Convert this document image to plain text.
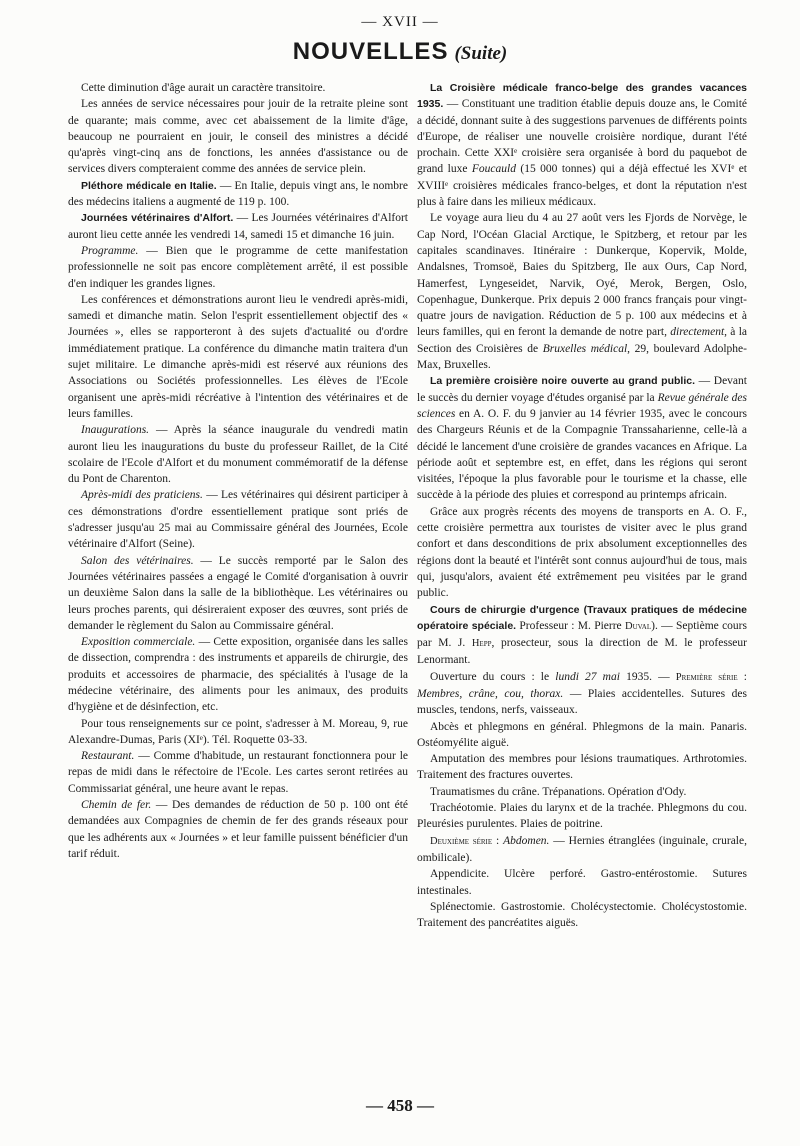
— XVII —
NOUVELLES (Suite)

Cette diminution d'âge aurait un caractère transitoire.

Les années de service nécessaires pour jouir de la retraite pleine sont de quarante; mais comme, avec cet abaissement de la limite d'âge, beaucoup ne pourraient en jouir, le conseil des ministres a décidé qu'après vingt-cinq ans de fonctions, les années d'assistance ou de services divers compteraient comme des années de service plein.

Pléthore médicale en Italie. — En Italie, depuis vingt ans, le nombre des médecins italiens a augmenté de 119 p. 100.

Journées vétérinaires d'Alfort. — Les Journées vétérinaires d'Alfort auront lieu cette année les vendredi 14, samedi 15 et dimanche 16 juin.

Programme. — Bien que le programme de cette manifestation professionnelle ne soit pas encore complètement arrêté, il est possible d'en indiquer les grandes lignes.

Les conférences et démonstrations auront lieu le vendredi après-midi, samedi et dimanche matin. Selon l'esprit essentiellement objectif des « Journées », elles se rapporteront à des sujets d'actualité ou d'ordre immédiatement pratique. La conférence du dimanche matin traitera d'un sujet militaire. Le dimanche après-midi est réservé aux réunions des Associations ou Sociétés professionnelles. Les élèves de l'Ecole organisent une après-midi récréative à l'intention des vétérinaires et de leurs familles.

Inaugurations. — Après la séance inaugurale du vendredi matin auront lieu les inaugurations du buste du professeur Raillet, de la Cité scolaire de l'Ecole d'Alfort et du monument commémoratif de la défense du Pont de Charenton.

Après-midi des praticiens. — Les vétérinaires qui désirent participer à ces démonstrations d'ordre essentiellement pratique sont priés de s'adresser jusqu'au 25 mai au Commissaire général des Journées, Ecole vétérinaire d'Alfort (Seine).

Salon des vétérinaires. — Le succès remporté par le Salon des Journées vétérinaires passées a engagé le Comité d'organisation à ouvrir un deuxième Salon dans la salle de la bibliothèque. Les vétérinaires ou leurs proches parents, qui désireraient exposer des œuvres, sont priés de demander le règlement du Salon au Commissaire général.

Exposition commerciale. — Cette exposition, organisée dans les salles de dissection, comprendra : des instruments et appareils de chirurgie, des produits et accessoires de pharmacie, des spécialités à l'usage de la médecine vétérinaire, des aliments pour les animaux, des produits d'hygiène et de désinfection, etc.

Pour tous renseignements sur ce point, s'adresser à M. Moreau, 9, rue Alexandre-Dumas, Paris (XIᵉ). Tél. Roquette 03-33.

Restaurant. — Comme d'habitude, un restaurant fonctionnera pour le repas de midi dans le réfectoire de l'Ecole. Les cartes seront retirées au Commissariat général, une heure avant le repas.

Chemin de fer. — Des demandes de réduction de 50 p. 100 ont été demandées aux Compagnies de chemin de fer des grands réseaux pour que les adhérents aux « Journées » et leur famille puissent bénéficier d'un tarif réduit.

La Croisière médicale franco-belge des grandes vacances 1935. — Constituant une tradition établie depuis douze ans, le Comité a décidé, donnant suite à des suggestions parvenues de différents points d'Europe, de réaliser une nouvelle croisière nordique, durant l'été prochain. Cette XXIᵉ croisière sera organisée à bord du paquebot de grand luxe Foucauld (15 000 tonnes) qui a déjà effectué les XVIᵉ et XVIIIᵉ croisières médicales franco-belges, et dont la réputation n'est plus à faire dans les milieux médicaux.

Le voyage aura lieu du 4 au 27 août vers les Fjords de Norvège, le Cap Nord, l'Océan Glacial Arctique, le Spitzberg, et retour par les capitales scandinaves. Itinéraire : Dunkerque, Kopervik, Molde, Andalsnes, Tromsoë, Baies du Spitzberg, Ile aux Ours, Cap Nord, Hamerfest, Lyngeseidet, Narvik, Oyé, Merok, Bergen, Oslo, Copenhague, Dunkerque. Prix depuis 2 000 francs français pour vingt-quatre jours de navigation. Réduction de 5 p. 100 aux médecins et à leurs familles, qui en feront la demande de notre part, directement, à la Section des Croisières de Bruxelles médical, 29, boulevard Adolphe-Max, Bruxelles.

La première croisière noire ouverte au grand public. — Devant le succès du dernier voyage d'études organisé par la Revue générale des sciences en A. O. F. du 9 janvier au 14 février 1935, avec le concours des Chargeurs Réunis et de la Compagnie Transsaharienne, celle-là a décidé le lancement d'une croisière de grandes vacances en Afrique. La période août et septembre est, en effet, dans les régions qui seront visitées, l'époque la plus favorable pour le tourisme et la chasse, elle succède à la période des pluies et correspond au printemps africain.

Grâce aux progrès récents des moyens de transports en A. O. F., cette croisière permettra aux touristes de visiter avec le plus grand confort et dans desconditions de prix absolument exceptionnelles des régions dont la beauté et l'intérêt sont connus aujourd'hui de tous, mais qui, jusqu'alors, avaient été extrêmement peu visitées par le grand public.

Cours de chirurgie d'urgence (Travaux pratiques de médecine opératoire spéciale. Professeur : M. Pierre Duval). — Septième cours par M. J. Hepp, prosecteur, sous la direction de M. le professeur Lenormant.

Ouverture du cours : le lundi 27 mai 1935. — Première série : Membres, crâne, cou, thorax. — Plaies accidentelles. Sutures des muscles, tendons, nerfs, vaisseaux.

Abcès et phlegmons en général. Phlegmons de la main. Panaris. Ostéomyélite aiguë.

Amputation des membres pour lésions traumatiques. Arthrotomies. Traitement des fractures ouvertes.

Traumatismes du crâne. Trépanations. Opération d'Ody.

Trachéotomie. Plaies du larynx et de la trachée. Phlegmons du cou. Pleurésies purulentes. Plaies de poitrine.

Deuxième série : Abdomen. — Hernies étranglées (inguinale, crurale, ombilicale).

Appendicite. Ulcère perforé. Gastro-entérostomie. Sutures intestinales.

Splénectomie. Gastrostomie. Cholécystectomie. Cholécystostomie. Traitement des pancréatites aiguës.

— 458 —
